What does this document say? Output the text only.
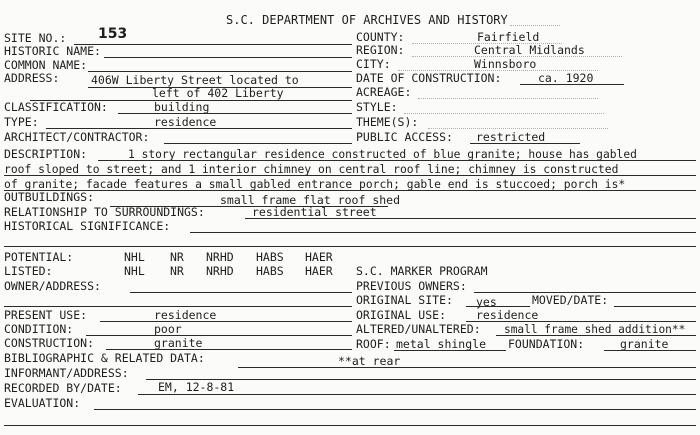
S.C. DEPARTMENT OF ARCHIVES AND HISTORY
SITE NO.: 153	COUNTY:	Fairfield
HISTORIC NAME:	REGION:	Central Midlands
COMMON NAME:	CITY:	Winnsboro
ADDRESS:	406W Liberty Street located to
left of 402 Liberty
DATE OF CONSTRUCTION:	ca. 1920
ACREAGE:
CLASSIFICATION:	building	STYLE:
TYPE:	residence	THEME(S):
ARCHITECT/CONTRACTOR:	PUBLIC ACCESS: restricted
DESCRIPTION:	1 story rectangular residence constructed of blue granite; house has gabled
roof sloped to street; and 1 interior chimney on central roof line; chimney is constructed
of granite; facade features a small gabled entrance porch; gable end is stuccoed; porch is*
OUTBUILDINGS:	small frame flat roof shed
RELATIONSHIP TO SURROUNDINGS:	residential street
HISTORICAL SIGNIFICANCE:
POTENTIAL:	NHL NR NRHD HABS HAER
LISTED:	NHL NR NRHD HABS HAER S.C. MARKER PROGRAM
OWNER/ADDRESS:	PREVIOUS OWNERS:
ORIGINAL SITE: yes	MOVED/DATE:
PRESENT USE:	residence	ORIGINAL USE:	residence
CONDITION:	poor	ALTERED/UNALTERED: small frame shed addition**
CONSTRUCTION:	granite	ROOF: metal shingle FOUNDATION:	granite
BIBLIOGRAPHIC & RELATED DATA:	**at rear
INFORMANT/ADDRESS:
RECORDED BY/DATE:	EM, 12-8-81
EVALUATION:
